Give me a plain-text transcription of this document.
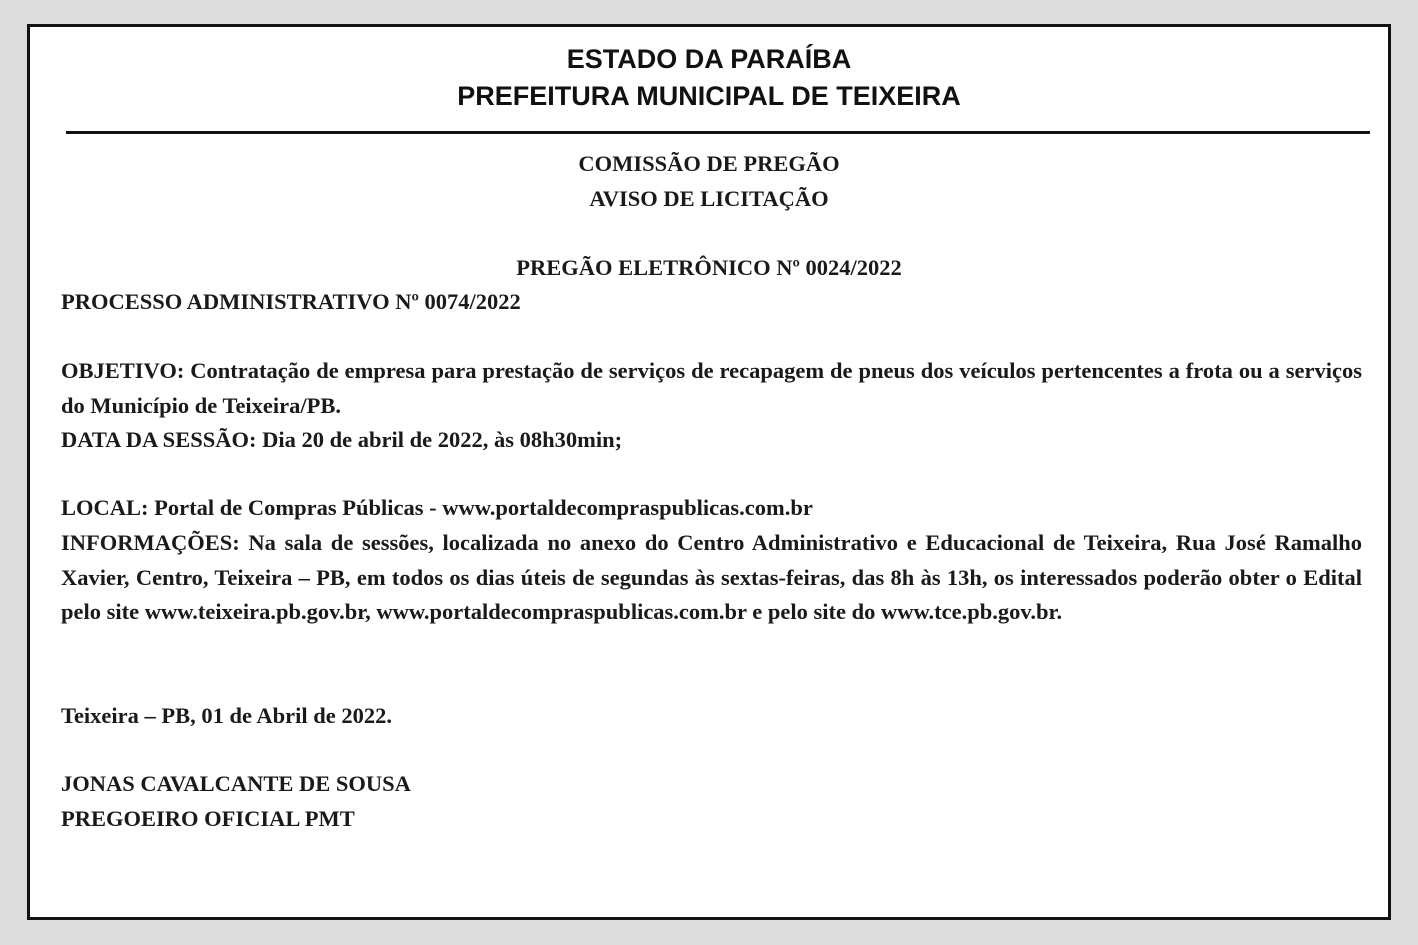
ESTADO DA PARAÍBA
PREFEITURA MUNICIPAL DE TEIXEIRA
COMISSÃO DE PREGÃO
AVISO DE LICITAÇÃO
PREGÃO ELETRÔNICO Nº 0024/2022
PROCESSO ADMINISTRATIVO Nº 0074/2022
OBJETIVO: Contratação de empresa para prestação de serviços de recapagem de pneus dos veículos pertencentes a frota ou a serviços do Município de Teixeira/PB.
DATA DA SESSÃO: Dia 20 de abril de 2022, às 08h30min;
LOCAL: Portal de Compras Públicas - www.portaldecompraspublicas.com.br
INFORMAÇÕES: Na sala de sessões, localizada no anexo do Centro Administrativo e Educacional de Teixeira, Rua José Ramalho Xavier, Centro, Teixeira – PB, em todos os dias úteis de segundas às sextas-feiras, das 8h às 13h, os interessados poderão obter o Edital pelo site www.teixeira.pb.gov.br, www.portaldecompraspublicas.com.br e pelo site do www.tce.pb.gov.br.
Teixeira – PB, 01 de Abril de 2022.
JONAS CAVALCANTE DE SOUSA
PREGOEIRO OFICIAL PMT
